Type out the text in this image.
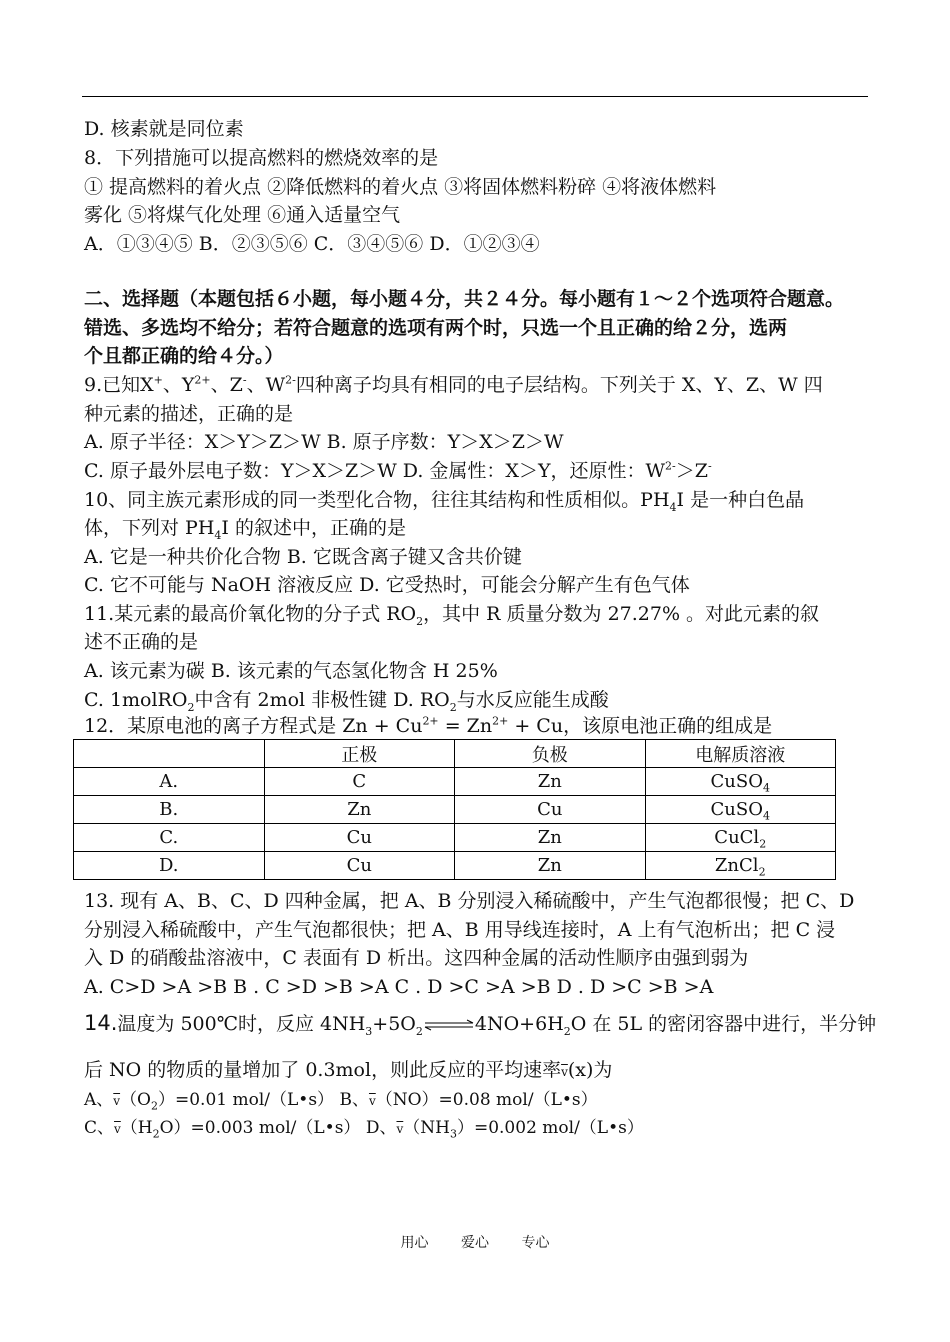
D. 核素就是同位素
8．下列措施可以提高燃料的燃烧效率的是
① 提高燃料的着火点 ②降低燃料的着火点 ③将固体燃料粉碎 ④将液体燃料
雾化 ⑤将煤气化处理 ⑥通入适量空气
A．①③④⑤ B．②③⑤⑥ C．③④⑤⑥ D．①②③④
二、选择题（本题包括６小题，每小题４分，共２４分。每小题有１～２个选项符合题意。
错选、多选均不给分；若符合题意的选项有两个时，只选一个且正确的给２分，选两
个且都正确的给４分。）
9.已知X+、$Y^{2+}$、Z-、$W^{2-}$四种离子均具有相同的电子层结构。下列关于 X、Y、Z、W 四
种元素的描述，正确的是
A. 原子半径：X＞Y＞Z＞W B. 原子序数：Y＞X＞Z＞W
C. 原子最外层电子数：Y＞X＞Z＞W D. 金属性：X＞Y，还原性：$W^{2-}>Z^-$
10、同主族元素形成的同一类型化合物，往往其结构和性质相似。$PH_4I$ 是一种白色晶
体，下列对 $PH_4I$ 的叙述中，正确的是
A. 它是一种共价化合物 B. 它既含离子键又含共价键
C. 它不可能与 NaOH 溶液反应 D. 它受热时，可能会分解产生有色气体
11.某元素的最高价氧化物的分子式 $RO_2$，其中 R 质量分数为 27.27% 。对此元素的叙
述不正确的是
A. 该元素为碳 B. 该元素的气态氢化物含 H 25%
C. 1molRO$_2$中含有 2mol 非极性键 D. $RO_2$与水反应能生成酸
12．某原电池的离子方程式是 $Zn + Cu^{2+} = Zn^{2+} + Cu$，该原电池正确的组成是
	正极	负极	电解质溶液
A.	C	Zn	CuSO$_4$
B.	Zn	Cu	CuSO$_4$
C.	Cu	Zn	CuCl$_2$
D.	Cu	Zn	ZnCl$_2$
13. 现有 A、B、C、D 四种金属，把 A、B 分别浸入稀硫酸中，产生气泡都很慢；把 C、D
分别浸入稀硫酸中，产生气泡都很快；把 A、B 用导线连接时，A 上有气泡析出；把 C 浸
入 D 的硝酸盐溶液中，C 表面有 D 析出。这四种金属的活动性顺序由强到弱为
A. C>D >A >B B . C >D >B >A C . D >C >A >B D . D >C >B >A
14.温度为 500℃时，反应 $4NH_3+5O_2\rightleftharpoons 4NO+6H_2O$ 在 5L 的密闭容器中进行，半分钟
后 NO 的物质的量增加了 0.3mol，则此反应的平均速率$\overline{v}(x)$为
A、$\overline{v}(O_2)=0.01$ mol/（L•s） B、$\overline{v}(NO)=0.08$ mol/（L•s）
C、$\overline{v}(H_2O)=0.003$ mol/（L•s） D、$\overline{v}(NH_3)=0.002$ mol/（L•s）
用心 爱心 专心
